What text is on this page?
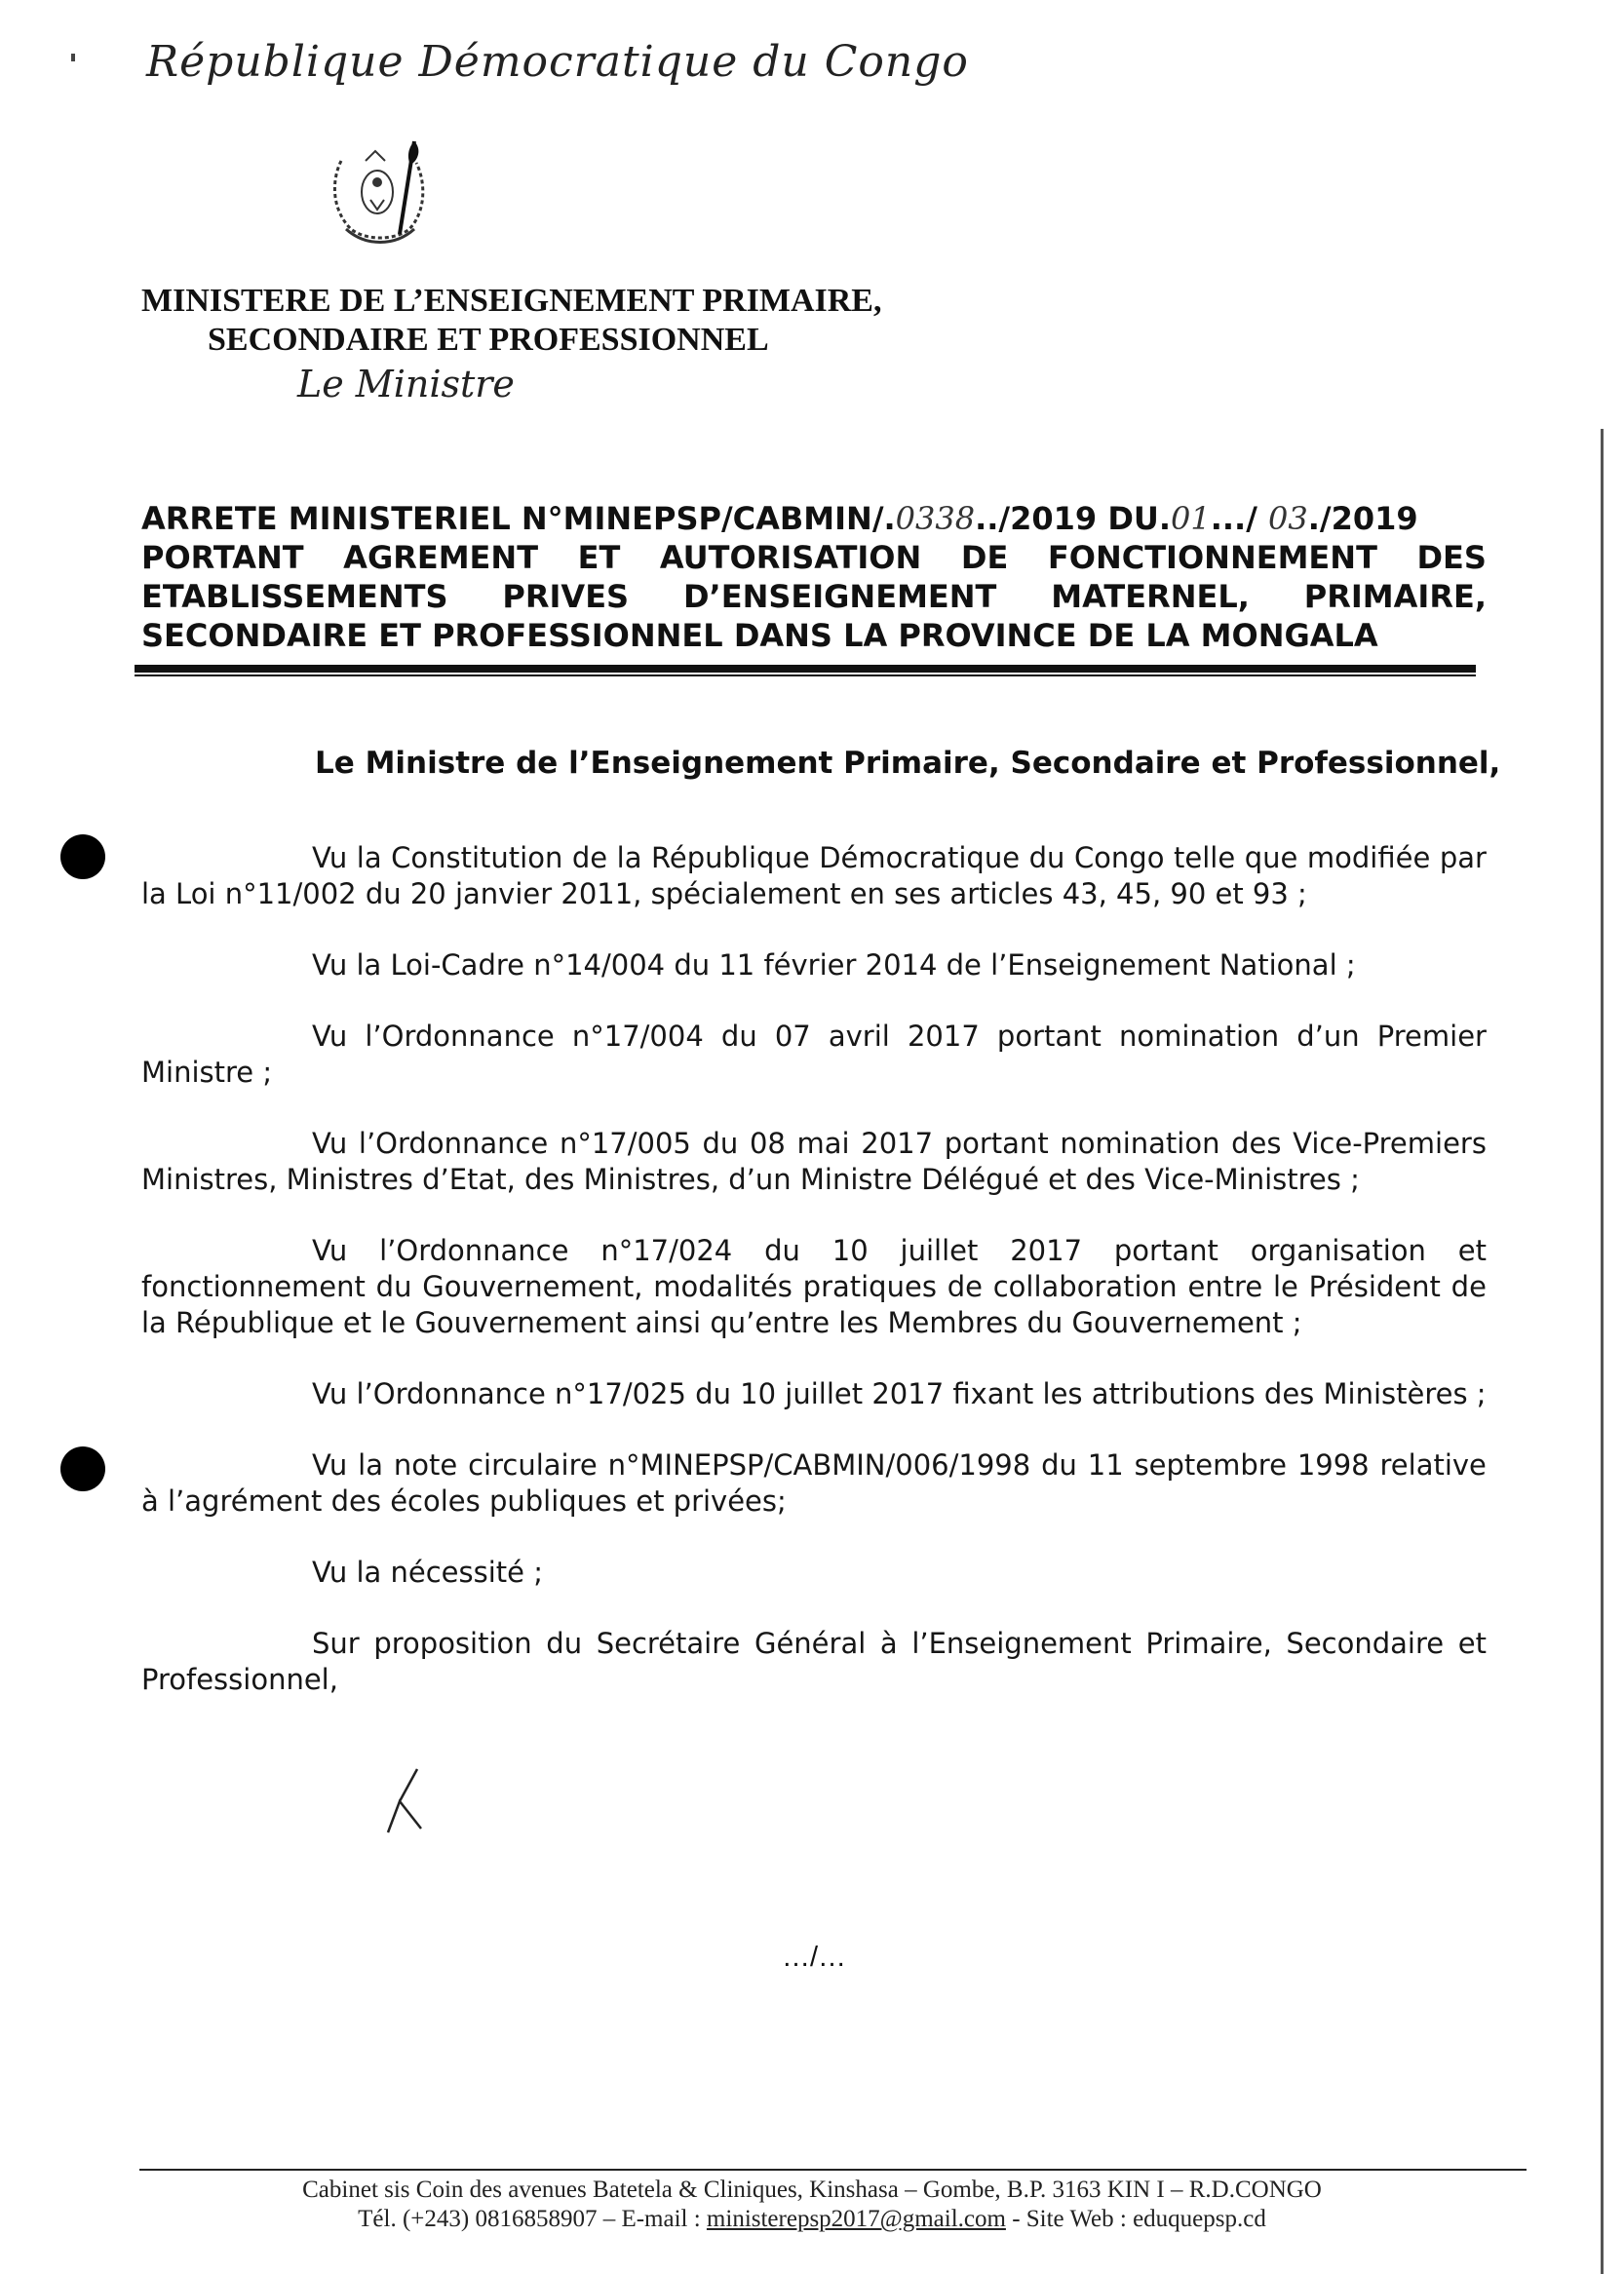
République Démocratique du Congo
MINISTERE DE L’ENSEIGNEMENT PRIMAIRE,
SECONDAIRE ET PROFESSIONNEL
Le Ministre
ARRETE MINISTERIEL N°MINEPSP/CABMIN/.0338../2019 DU.01.../ 03./2019
PORTANT AGREMENT ET AUTORISATION DE FONCTIONNEMENT DES
ETABLISSEMENTS PRIVES D’ENSEIGNEMENT MATERNEL, PRIMAIRE,
SECONDAIRE ET PROFESSIONNEL DANS LA PROVINCE DE LA MONGALA
Le Ministre de l’Enseignement Primaire, Secondaire et Professionnel,
Vu la Constitution de la République Démocratique du Congo telle que modifiée par
la Loi n°11/002 du 20 janvier 2011, spécialement en ses articles 43, 45, 90 et 93 ;
Vu la Loi-Cadre n°14/004 du 11 février 2014 de l’Enseignement National ;
Vu l’Ordonnance n°17/004 du 07 avril 2017 portant nomination d’un Premier
Ministre ;
Vu l’Ordonnance n°17/005 du 08 mai 2017 portant nomination des Vice-Premiers
Ministres, Ministres d’Etat, des Ministres, d’un Ministre Délégué et des Vice-Ministres ;
Vu l’Ordonnance n°17/024 du 10 juillet 2017 portant organisation et
fonctionnement du Gouvernement, modalités pratiques de collaboration entre le Président de
la République et le Gouvernement ainsi qu’entre les Membres du Gouvernement ;
Vu l’Ordonnance n°17/025 du 10 juillet 2017 fixant les attributions des Ministères ;
Vu la note circulaire n°MINEPSP/CABMIN/006/1998 du 11 septembre 1998 relative
à l’agrément des écoles publiques et privées;
Vu la nécessité ;
Sur proposition du Secrétaire Général à l’Enseignement Primaire, Secondaire et
Professionnel,
…/…
Cabinet sis Coin des avenues Batetela & Cliniques, Kinshasa – Gombe, B.P. 3163 KIN I – R.D.CONGO
Tél. (+243) 0816858907 – E-mail : ministerepsp2017@gmail.com - Site Web : eduquepsp.cd
